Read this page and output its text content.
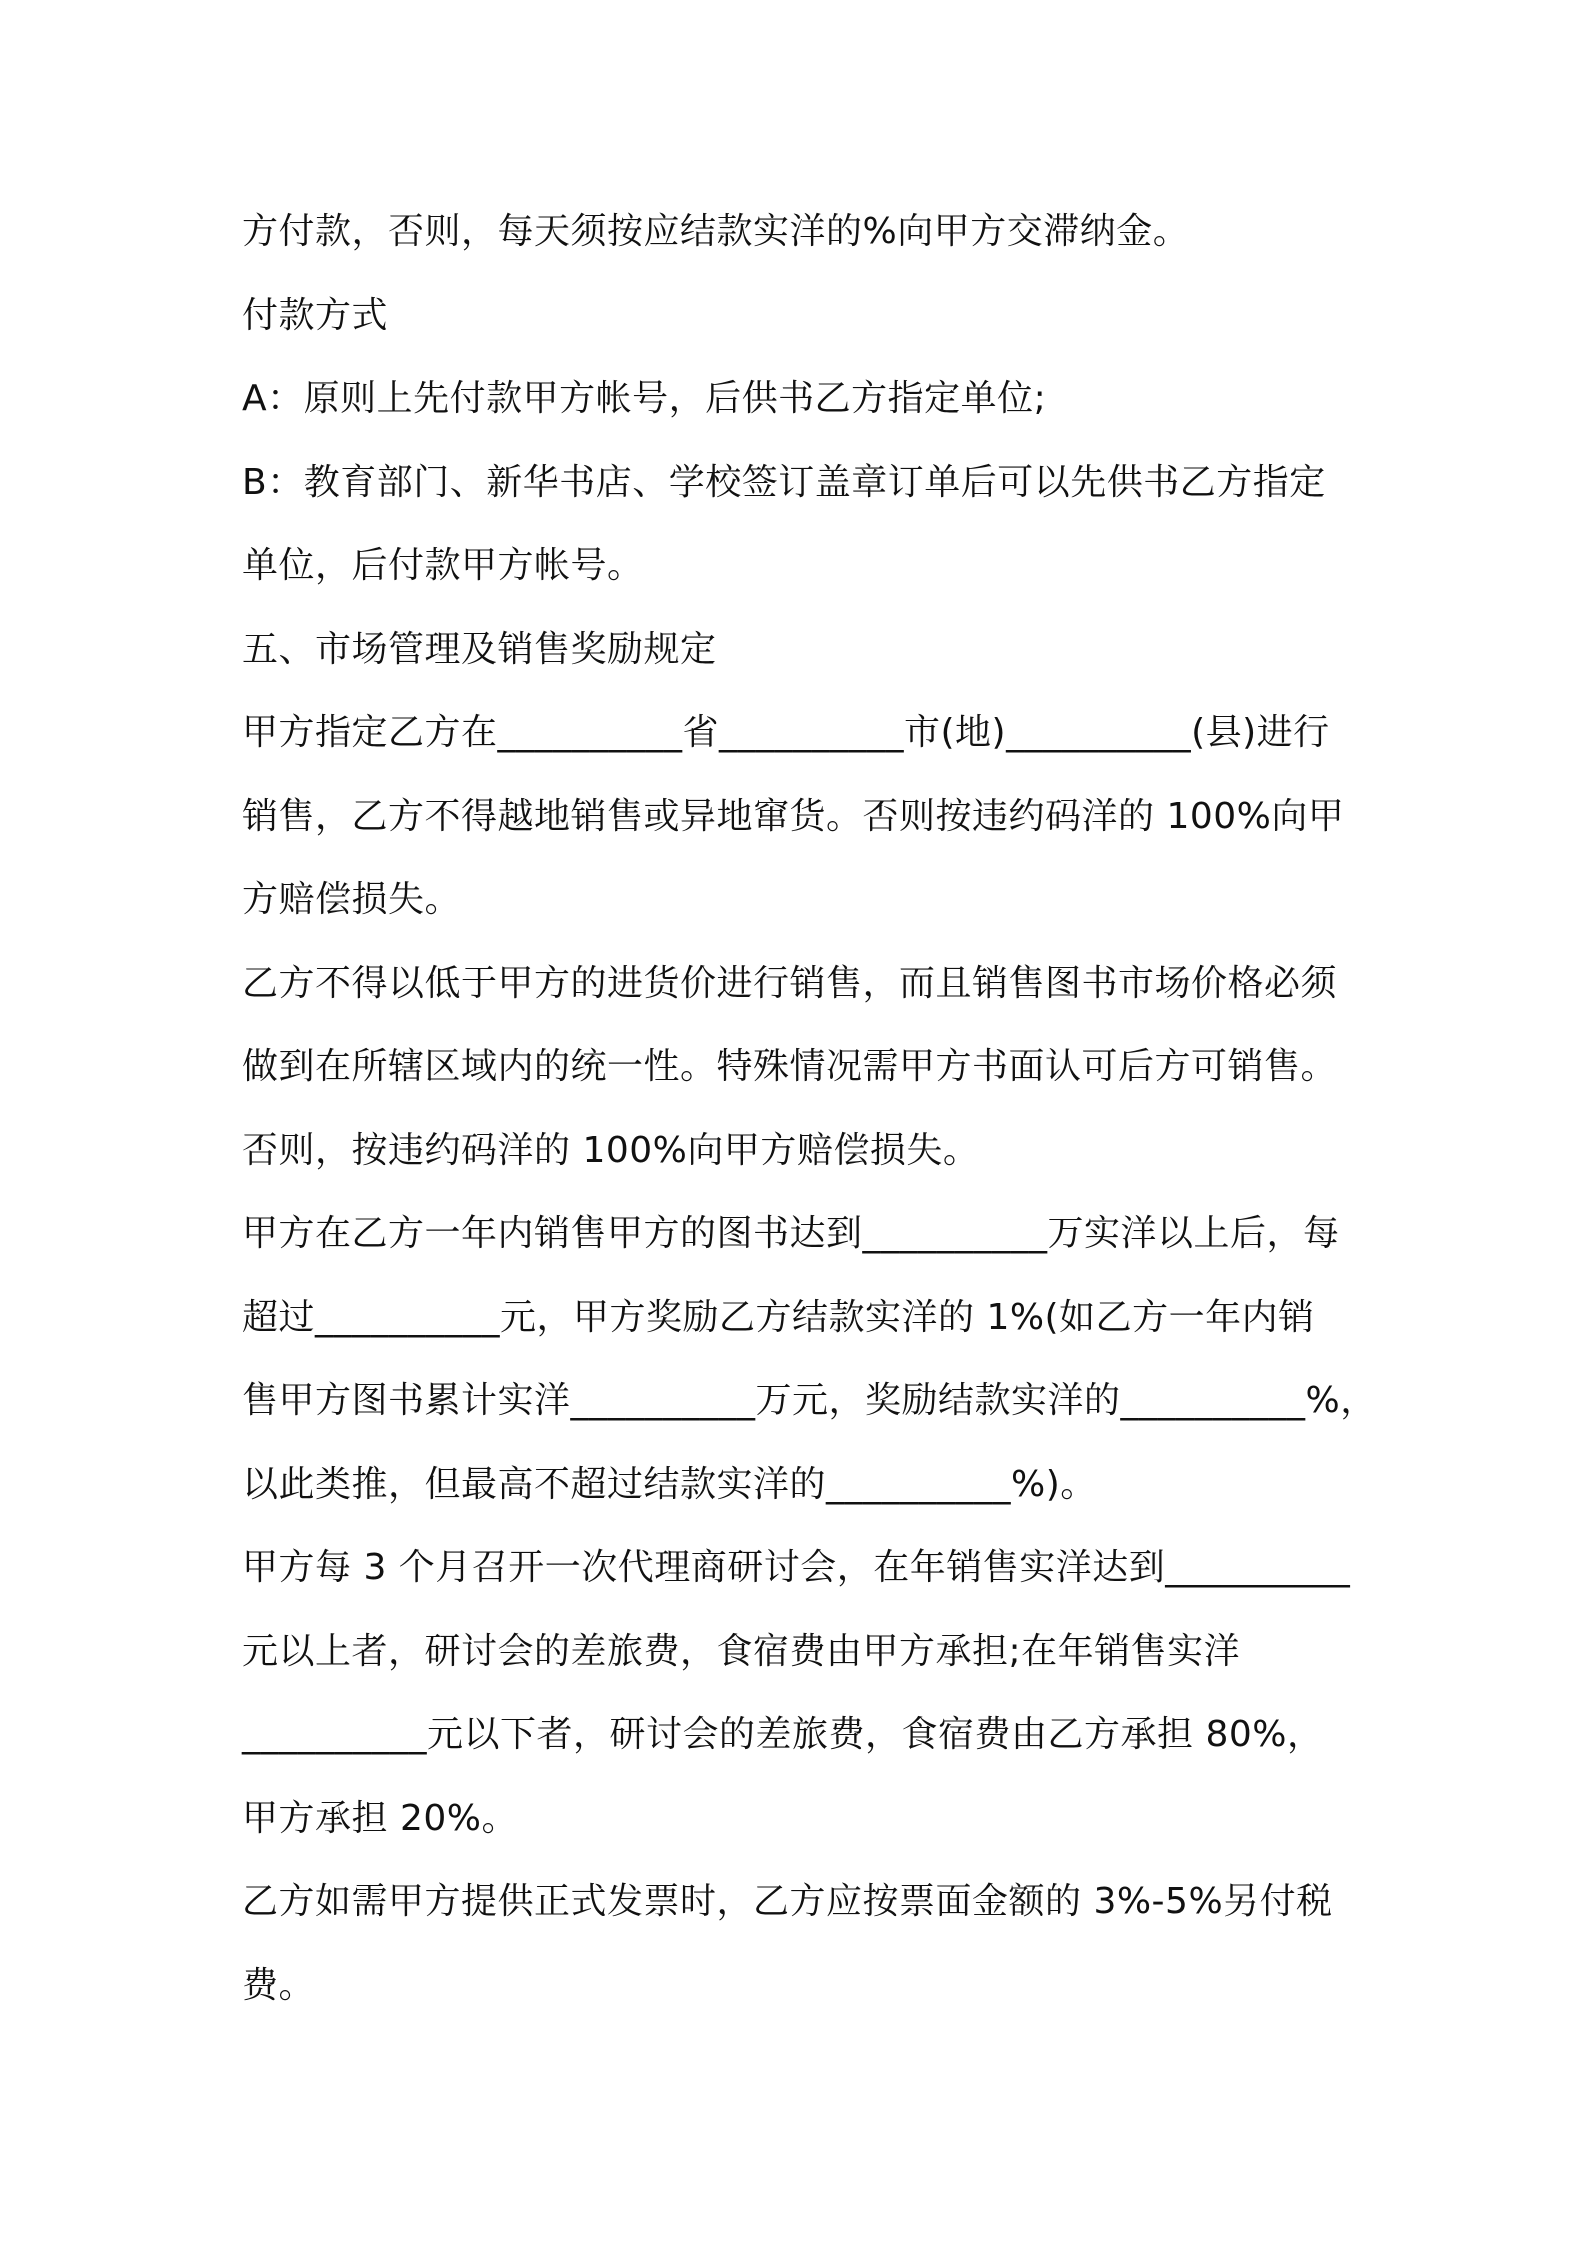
方付款，否则，每天须按应结款实洋的%向甲方交滞纳金。
付款方式
A：原则上先付款甲方帐号，后供书乙方指定单位;
B：教育部门、新华书店、学校签订盖章订单后可以先供书乙方指定
单位，后付款甲方帐号。
五、市场管理及销售奖励规定
甲方指定乙方在__________省__________市(地)__________(县)进行
销售，乙方不得越地销售或异地窜货。否则按违约码洋的 100%向甲
方赔偿损失。
乙方不得以低于甲方的进货价进行销售，而且销售图书市场价格必须
做到在所辖区域内的统一性。特殊情况需甲方书面认可后方可销售。
否则，按违约码洋的 100%向甲方赔偿损失。
甲方在乙方一年内销售甲方的图书达到__________万实洋以上后，每
超过__________元，甲方奖励乙方结款实洋的 1%(如乙方一年内销
售甲方图书累计实洋__________万元，奖励结款实洋的__________%，
以此类推，但最高不超过结款实洋的__________%)。
甲方每 3 个月召开一次代理商研讨会，在年销售实洋达到__________
元以上者，研讨会的差旅费，食宿费由甲方承担;在年销售实洋
__________元以下者，研讨会的差旅费，食宿费由乙方承担 80%，
甲方承担 20%。
乙方如需甲方提供正式发票时，乙方应按票面金额的 3%-5%另付税
费。
